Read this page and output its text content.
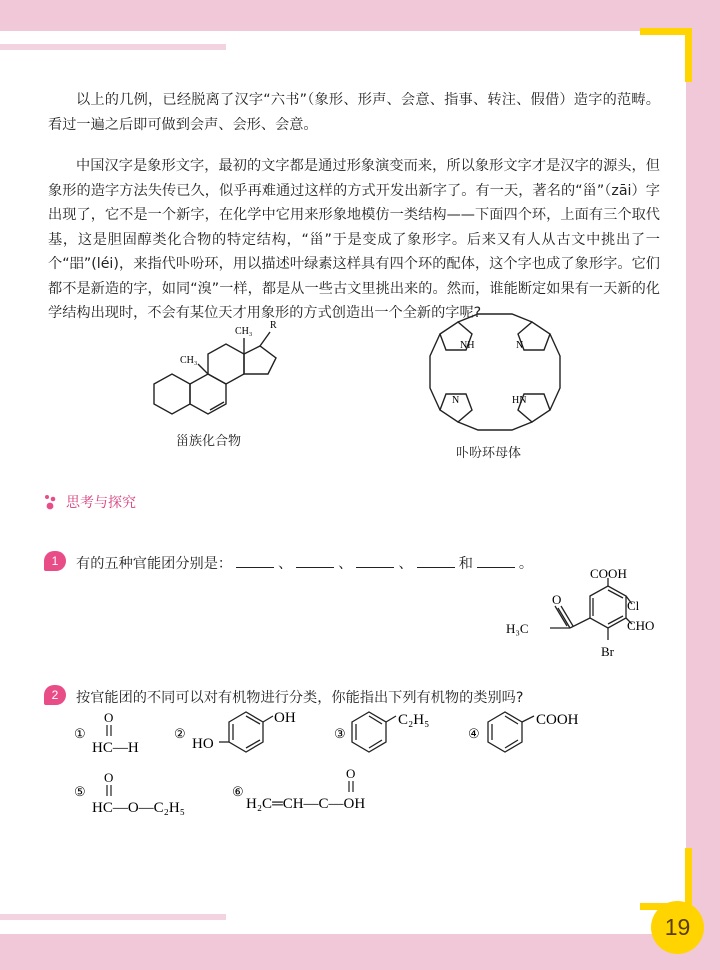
19
以上的几例，已经脱离了汉字“六书”（象形、形声、会意、指事、转注、假借）造字的范畴。看过一遍之后即可做到会声、会形、会意。
中国汉字是象形文字，最初的文字都是通过形象演变而来，所以象形文字才是汉字的源头，但象形的造字方法失传已久，似乎再难通过这样的方式开发出新字了。有一天，著名的“甾”（zāi）字出现了，它不是一个新字，在化学中它用来形象地模仿一类结构——下面四个环，上面有三个取代基，这是胆固醇类化合物的特定结构，“甾”于是变成了象形字。后来又有人从古文中挑出了一个“㗊”(léi)，来指代卟吩环，用以描述叶绿素这样具有四个环的配体，这个字也成了象形字。它们都不是新造的字，如同“溴”一样，都是从一些古文里挑出来的。然而，谁能断定如果有一天新的化学结构出现时，不会有某位天才用象形的方式创造出一个全新的字呢?
CH₃
CH₃
R
甾族化合物
NH	N
N	HN
卟吩环母体
思考与探究
1	有的五种官能团分别是：	、	、	、	和	。
COOH
Cl
CHO
Br
O
H₃C
2	按官能团的不同可以对有机物进行分类，你能指出下列有机物的类别吗?
①
O
HC—H
②
HO
OH
③
C₂H₅
④
COOH
⑤
O
HC—O—C₂H₅
⑥
O
H₂C═CH—C—OH
